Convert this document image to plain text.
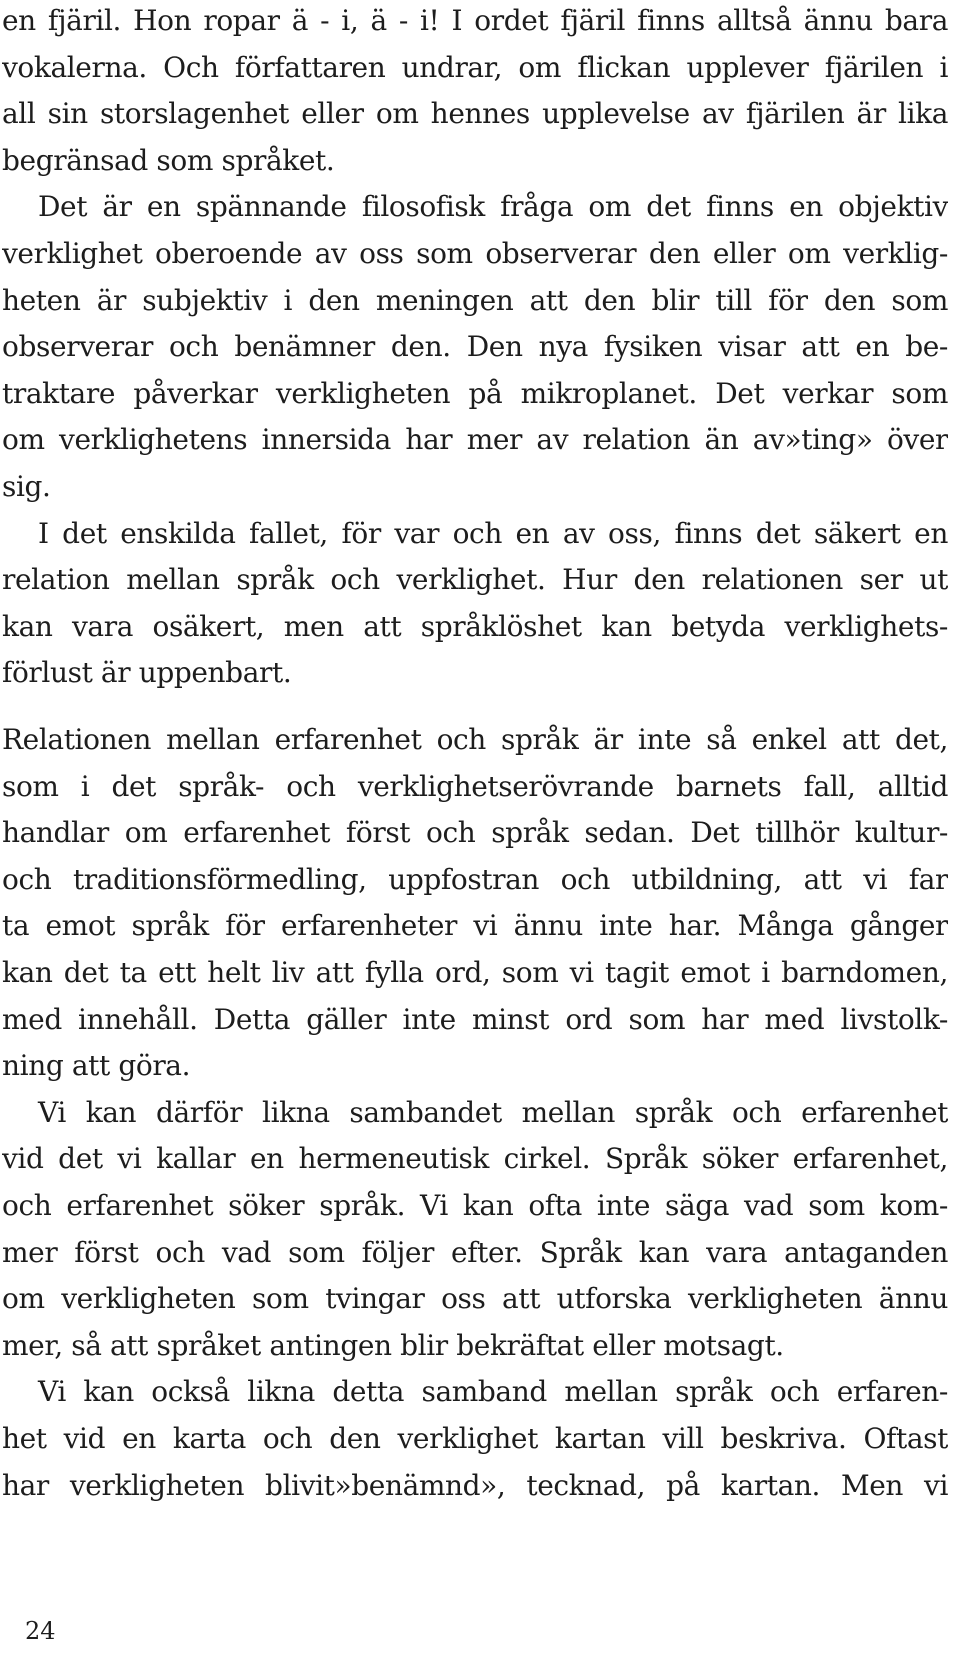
en fjäril. Hon ropar ä - i, ä - i! I ordet fjäril finns alltså ännu bara
vokalerna. Och författaren undrar, om flickan upplever fjärilen i
all sin storslagenhet eller om hennes upplevelse av fjärilen är lika
begränsad som språket.
Det är en spännande filosofisk fråga om det finns en objektiv
verklighet oberoende av oss som observerar den eller om verklig-
heten är subjektiv i den meningen att den blir till för den som
observerar och benämner den. Den nya fysiken visar att en be-
traktare påverkar verkligheten på mikroplanet. Det verkar som
om verklighetens innersida har mer av relation än av»ting» över
sig.
I det enskilda fallet, för var och en av oss, finns det säkert en
relation mellan språk och verklighet. Hur den relationen ser ut
kan vara osäkert, men att språklöshet kan betyda verklighets-
förlust är uppenbart.
Relationen mellan erfarenhet och språk är inte så enkel att det,
som i det språk- och verklighetserövrande barnets fall, alltid
handlar om erfarenhet först och språk sedan. Det tillhör kultur-
och traditionsförmedling, uppfostran och utbildning, att vi far
ta emot språk för erfarenheter vi ännu inte har. Många gånger
kan det ta ett helt liv att fylla ord, som vi tagit emot i barndomen,
med innehåll. Detta gäller inte minst ord som har med livstolk-
ning att göra.
Vi kan därför likna sambandet mellan språk och erfarenhet
vid det vi kallar en hermeneutisk cirkel. Språk söker erfarenhet,
och erfarenhet söker språk. Vi kan ofta inte säga vad som kom-
mer först och vad som följer efter. Språk kan vara antaganden
om verkligheten som tvingar oss att utforska verkligheten ännu
mer, så att språket antingen blir bekräftat eller motsagt.
Vi kan också likna detta samband mellan språk och erfaren-
het vid en karta och den verklighet kartan vill beskriva. Oftast
har verkligheten blivit»benämnd», tecknad, på kartan. Men vi
24
